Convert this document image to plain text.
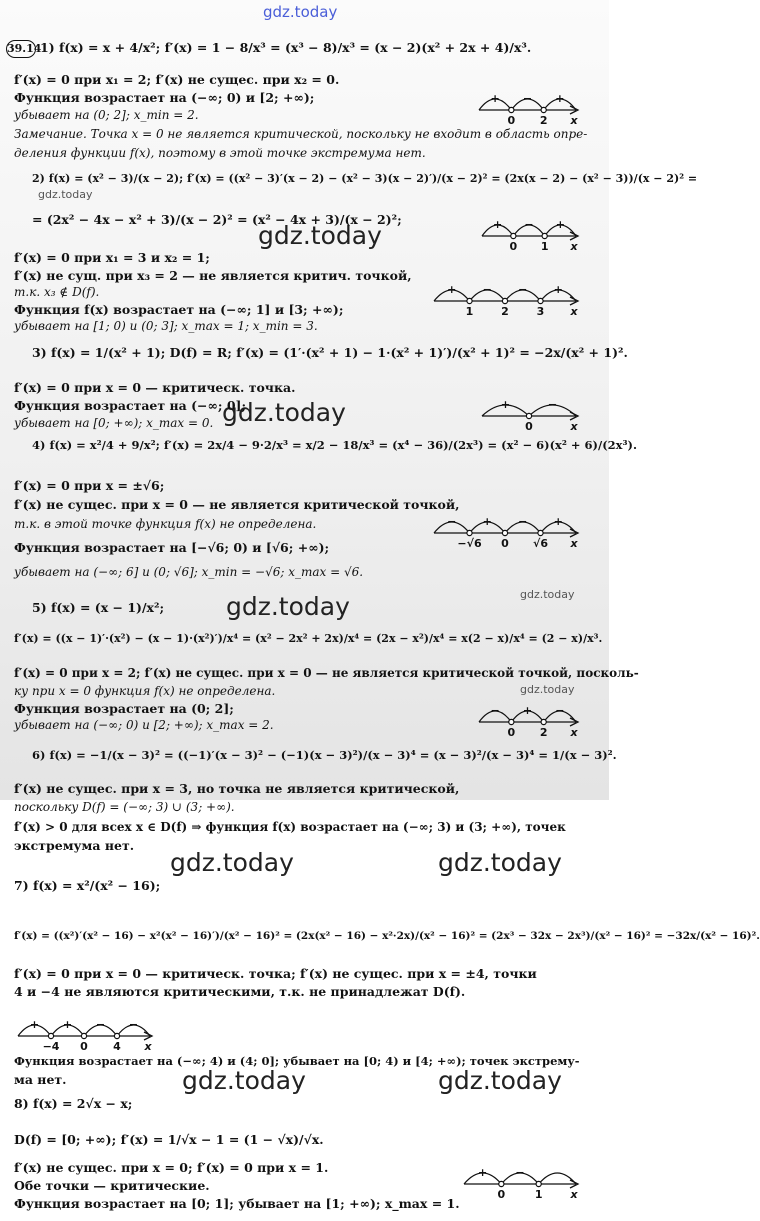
gdz.today
gdz.today
gdz.today
gdz.today
gdz.today
gdz.today
gdz.today
gdz.today	gdz.today
gdz.today	gdz.today
39.14
1) f(x) = x + 4/x²; f′(x) = 1 − 8/x³ = (x³ − 8)/x³ = (x − 2)(x² + 2x + 4)/x³.
f′(x) = 0 при x₁ = 2; f′(x) не сущес. при x₂ = 0.
Функция возрастает на (−∞; 0) и [2; +∞);
убывает на (0; 2]; x_min = 2.
Замечание. Точка x = 0 не является критической, поскольку не входит в область опре-
деления функции f(x), поэтому в этой точке экстремума нет.
2) f(x) = (x² − 3)/(x − 2); f′(x) = ((x² − 3)′(x − 2) − (x² − 3)(x − 2)′)/(x − 2)² = (2x(x − 2) − (x² − 3))/(x − 2)² =
= (2x² − 4x − x² + 3)/(x − 2)² = (x² − 4x + 3)/(x − 2)²;
f′(x) = 0 при x₁ = 3 и x₂ = 1;
f′(x) не сущ. при x₃ = 2 — не является критич. точкой,
т.к. x₃ ∉ D(f).
Функция f(x) возрастает на (−∞; 1] и [3; +∞);
убывает на [1; 0) и (0; 3]; x_max = 1; x_min = 3.
3) f(x) = 1/(x² + 1); D(f) = R; f′(x) = (1′·(x² + 1) − 1·(x² + 1)′)/(x² + 1)² = −2x/(x² + 1)².
f′(x) = 0 при x = 0 — критическ. точка.
Функция возрастает на (−∞; 0];
убывает на [0; +∞); x_max = 0.
4) f(x) = x²/4 + 9/x²; f′(x) = 2x/4 − 9·2/x³ = x/2 − 18/x³ = (x⁴ − 36)/(2x³) = (x² − 6)(x² + 6)/(2x³).
f′(x) = 0 при x = ±√6;
f′(x) не сущес. при x = 0 — не является критической точкой,
т.к. в этой точке функция f(x) не определена.
Функция возрастает на [−√6; 0) и [√6; +∞);
убывает на (−∞; 6] и (0; √6]; x_min = −√6; x_max = √6.
5) f(x) = (x − 1)/x²;
f′(x) = ((x − 1)′·(x²) − (x − 1)·(x²)′)/x⁴ = (x² − 2x² + 2x)/x⁴ = (2x − x²)/x⁴ = x(2 − x)/x⁴ = (2 − x)/x³.
f′(x) = 0 при x = 2; f′(x) не сущес. при x = 0 — не является критической точкой, посколь-
ку при x = 0 функция f(x) не определена.
Функция возрастает на (0; 2];
убывает на (−∞; 0) и [2; +∞); x_max = 2.
6) f(x) = −1/(x − 3)² = ((−1)′(x − 3)² − (−1)(x − 3)²)/(x − 3)⁴ = (x − 3)²/(x − 3)⁴ = 1/(x − 3)².
f′(x) не сущес. при x = 3, но точка не является критической,
поскольку D(f) = (−∞; 3) ∪ (3; +∞).
f′(x) > 0 для всех x ∈ D(f) ⇒ функция f(x) возрастает на (−∞; 3) и (3; +∞), точек
экстремума нет.
7) f(x) = x²/(x² − 16);
f′(x) = ((x²)′(x² − 16) − x²(x² − 16)′)/(x² − 16)² = (2x(x² − 16) − x²·2x)/(x² − 16)² = (2x³ − 32x − 2x³)/(x² − 16)² = −32x/(x² − 16)².
f′(x) = 0 при x = 0 — критическ. точка; f′(x) не сущес. при x = ±4, точки
4 и −4 не являются критическими, т.к. не принадлежат D(f).
Функция возрастает на (−∞; 4) и (4; 0]; убывает на [0; 4) и [4; +∞); точек экстрему-
ма нет.
8) f(x) = 2√x − x;
D(f) = [0; +∞); f′(x) = 1/√x − 1 = (1 − √x)/√x.
f′(x) не сущес. при x = 0; f′(x) = 0 при x = 1.
Обе точки — критические.
Функция возрастает на [0; 1]; убывает на [1; +∞); x_max = 1.
+ − +
0 2 x
+ − +
0 1 x
+ − − +
1	2	3 x
+	−
0	x
− + − +
−√6 0 √6 x
− + −
0 2 x
+ + − −
−4 0 4 x
+	−
0	1	x
